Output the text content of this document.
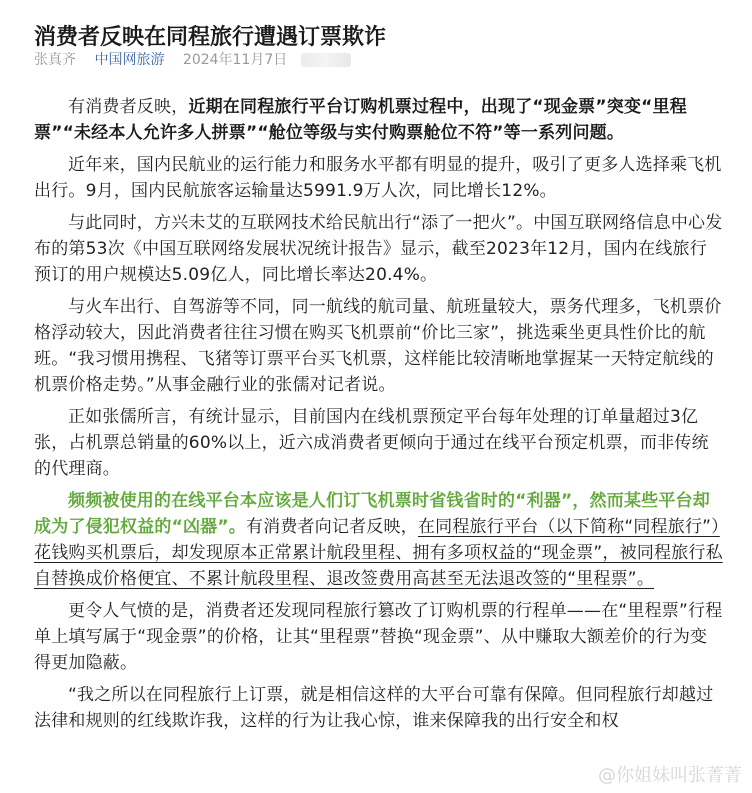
消费者反映在同程旅行遭遇订票欺诈
张真齐 中国网旅游 2024年11月7日

有消费者反映，近期在同程旅行平台订购机票过程中，出现了“现金票”突变“里程票”“未经本人允许多人拼票”“舱位等级与实付购票舱位不符”等一系列问题。

近年来，国内民航业的运行能力和服务水平都有明显的提升，吸引了更多人选择乘飞机出行。9月，国内民航旅客运输量达5991.9万人次，同比增长12%。

与此同时，方兴未艾的互联网技术给民航出行“添了一把火”。中国互联网络信息中心发布的第53次《中国互联网络发展状况统计报告》显示，截至2023年12月，国内在线旅行预订的用户规模达5.09亿人，同比增长率达20.4%。

与火车出行、自驾游等不同，同一航线的航司量、航班量较大，票务代理多，飞机票价格浮动较大，因此消费者往往习惯在购买飞机票前“价比三家”，挑选乘坐更具性价比的航班。“我习惯用携程、飞猪等订票平台买飞机票，这样能比较清晰地掌握某一天特定航线的机票价格走势。”从事金融行业的张儒对记者说。

正如张儒所言，有统计显示，目前国内在线机票预定平台每年处理的订单量超过3亿张，占机票总销量的60%以上，近六成消费者更倾向于通过在线平台预定机票，而非传统的代理商。

频频被使用的在线平台本应该是人们订飞机票时省钱省时的“利器”，然而某些平台却成为了侵犯权益的“凶器”。有消费者向记者反映，在同程旅行平台（以下简称“同程旅行”）花钱购买机票后，却发现原本正常累计航段里程、拥有多项权益的“现金票”，被同程旅行私自替换成价格便宜、不累计航段里程、退改签费用高甚至无法退改签的“里程票”。

更令人气愤的是，消费者还发现同程旅行篡改了订购机票的行程单——在“里程票”行程单上填写属于“现金票”的价格，让其“里程票”替换“现金票”、从中赚取大额差价的行为变得更加隐蔽。

“我之所以在同程旅行上订票，就是相信这样的大平台可靠有保障。但同程旅行却越过法律和规则的红线欺诈我，这样的行为让我心惊，谁来保障我的出行安全和权

@你姐妹叫张菁菁
